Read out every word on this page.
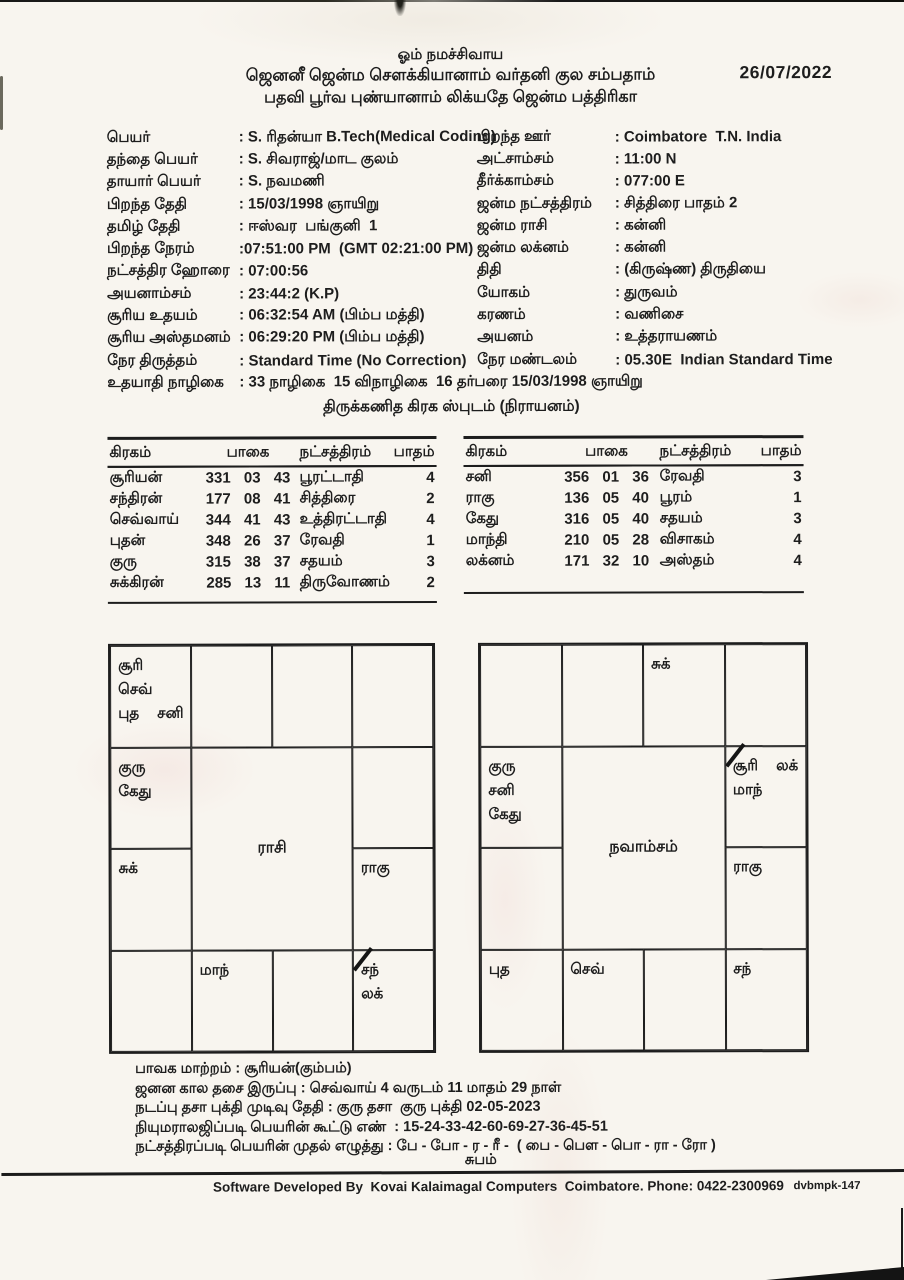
ஓம் நமச்சிவாய
ஜெனனீ ஜென்ம சௌக்கியானாம் வர்தனி குல சம்பதாம்
பதவி பூர்வ புண்யானாம் லிக்யதே ஜென்ம பத்திரிகா
26/07/2022
பெயர்	: S. ரிதன்யா B.Tech(Medical Coding)
தந்தை பெயர்	: S. சிவராஜ்/மாட குலம்
தாயார் பெயர்	: S. நவமணி
பிறந்த தேதி	: 15/03/1998 ஞாயிறு
தமிழ் தேதி	: ஈஸ்வர  பங்குனி  1
பிறந்த நேரம்	:07:51:00 PM  (GMT 02:21:00 PM)
நட்சத்திர ஹோரை : 07:00:56
அயனாம்சம்	: 23:44:2 (K.P)
சூரிய உதயம்	: 06:32:54 AM (பிம்ப மத்தி)
சூரிய அஸ்தமனம் : 06:29:20 PM (பிம்ப மத்தி)
நேர திருத்தம்	: Standard Time (No Correction)
உதயாதி நாழிகை	: 33 நாழிகை  15 விநாழிகை  16 தர்பரை 15/03/1998 ஞாயிறு
பிறந்த ஊர்	: Coimbatore  T.N. India
அட்சாம்சம்	: 11:00 N
தீர்க்காம்சம்	: 077:00 E
ஜன்ம நட்சத்திரம்	: சித்திரை பாதம் 2
ஜன்ம ராசி	: கன்னி
ஜன்ம லக்னம்	: கன்னி
திதி	: (கிருஷ்ண) திருதியை
யோகம்	: துருவம்
கரணம்	: வணிசை
அயனம்	: உத்தராயணம்
நேர மண்டலம்	: 05.30E  Indian Standard Time
திருக்கணித கிரக ஸ்புடம் (நிராயனம்)
கிரகம்	பாகை	நட்சத்திரம்	பாதம்
சூரியன்	331 03 43	பூரட்டாதி	4
சந்திரன்	177 08 41	சித்திரை	2
செவ்வாய்	344 41 43	உத்திரட்டாதி	4
புதன்	348 26 37	ரேவதி	1
குரு	315 38 37	சதயம்	3
சுக்கிரன்	285 13 11	திருவோணம்	2
கிரகம்	பாகை	நட்சத்திரம்	பாதம்
சனி	356 01 36	ரேவதி	3
ராகு	136 05 40	பூரம்	1
கேது	316 05 40	சதயம்	3
மாந்தி	210 05 28	விசாகம்	4
லக்னம்	171 32 10	அஸ்தம்	4
சூரி செவ்
புத சனி
குரு கேது
ராசி
சுக்	ராகு
மாந்	சந் லக்
சுக்
குரு சனி
கேது
நவாம்சம்
சூரி லக்
மாந்
ராகு
புத	செவ்	சந்
பாவக மாற்றம் : சூரியன்(கும்பம்)
ஜனன கால தசை இருப்பு : செவ்வாய் 4 வருடம் 11 மாதம் 29 நாள்
நடப்பு தசா புக்தி முடிவு தேதி : குரு தசா  குரு புக்தி 02-05-2023
நியுமராலஜிப்படி பெயரின் கூட்டு எண்  : 15-24-33-42-60-69-27-36-45-51
நட்சத்திரப்படி பெயரின் முதல் எழுத்து : பே - போ - ர - ரீ -  ( பை - பௌ - பொ - ரா - ரோ )
சுபம்
Software Developed By  Kovai Kalaimagal Computers  Coimbatore. Phone: 0422-2300969 dvbmpk-147
